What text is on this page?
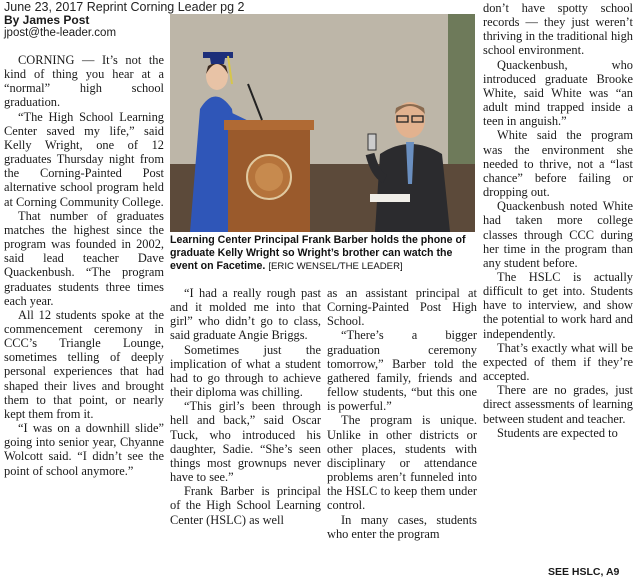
June 23, 2017 Reprint Corning Leader pg 2
By James Post
jpost@the-leader.com

CORNING — It’s not the kind of thing you hear at a “normal” high school graduation.

“The High School Learning Center saved my life,” said Kelly Wright, one of 12 graduates Thursday night from the Corning-Painted Post alternative school program held at Corning Community College.

That number of graduates matches the highest since the program was founded in 2002, said lead teacher Dave Quackenbush. “The program graduates students three times each year.

All 12 students spoke at the commencement ceremony in CCC’s Triangle Lounge, sometimes telling of deeply personal experiences that had shaped their lives and brought them to that point, or nearly kept them from it.

“I was on a downhill slide” going into senior year, Chyanne Wolcott said. “I didn’t see the point of school anymore.”

Learning Center Principal Frank Barber holds the phone of graduate Kelly Wright so Wright’s brother can watch the event on Facetime. [ERIC WENSEL/THE LEADER]

“I had a really rough past and it molded me into that girl” who didn’t go to class, said graduate Angie Briggs.

Sometimes just the implication of what a student had to go through to achieve their diploma was chilling.

“This girl’s been through hell and back,” said Oscar Tuck, who introduced his daughter, Sadie. “She’s seen things most grownups never have to see.”

Frank Barber is principal of the High School Learning Center (HSLC) as well

as an assistant principal at Corning-Painted Post High School.

“There’s a bigger graduation ceremony tomorrow,” Barber told the gathered family, friends and fellow students, “but this one is powerful.”

The program is unique. Unlike in other districts or other places, students with disciplinary or attendance problems aren’t funneled into the HSLC to keep them under control.

In many cases, students who enter the program

don’t have spotty school records — they just weren’t thriving in the traditional high school environment.

Quackenbush, who introduced graduate Brooke White, said White was “an adult mind trapped inside a teen in anguish.”

White said the program was the environment she needed to thrive, not a “last chance” before failing or dropping out.

Quackenbush noted White had taken more college classes through CCC during her time in the program than any student before.

The HSLC is actually difficult to get into. Students have to interview, and show the potential to work hard and independently.

That’s exactly what will be expected of them if they’re accepted.

There are no grades, just direct assessments of learning between student and teacher.

Students are expected to

SEE HSLC, A9
